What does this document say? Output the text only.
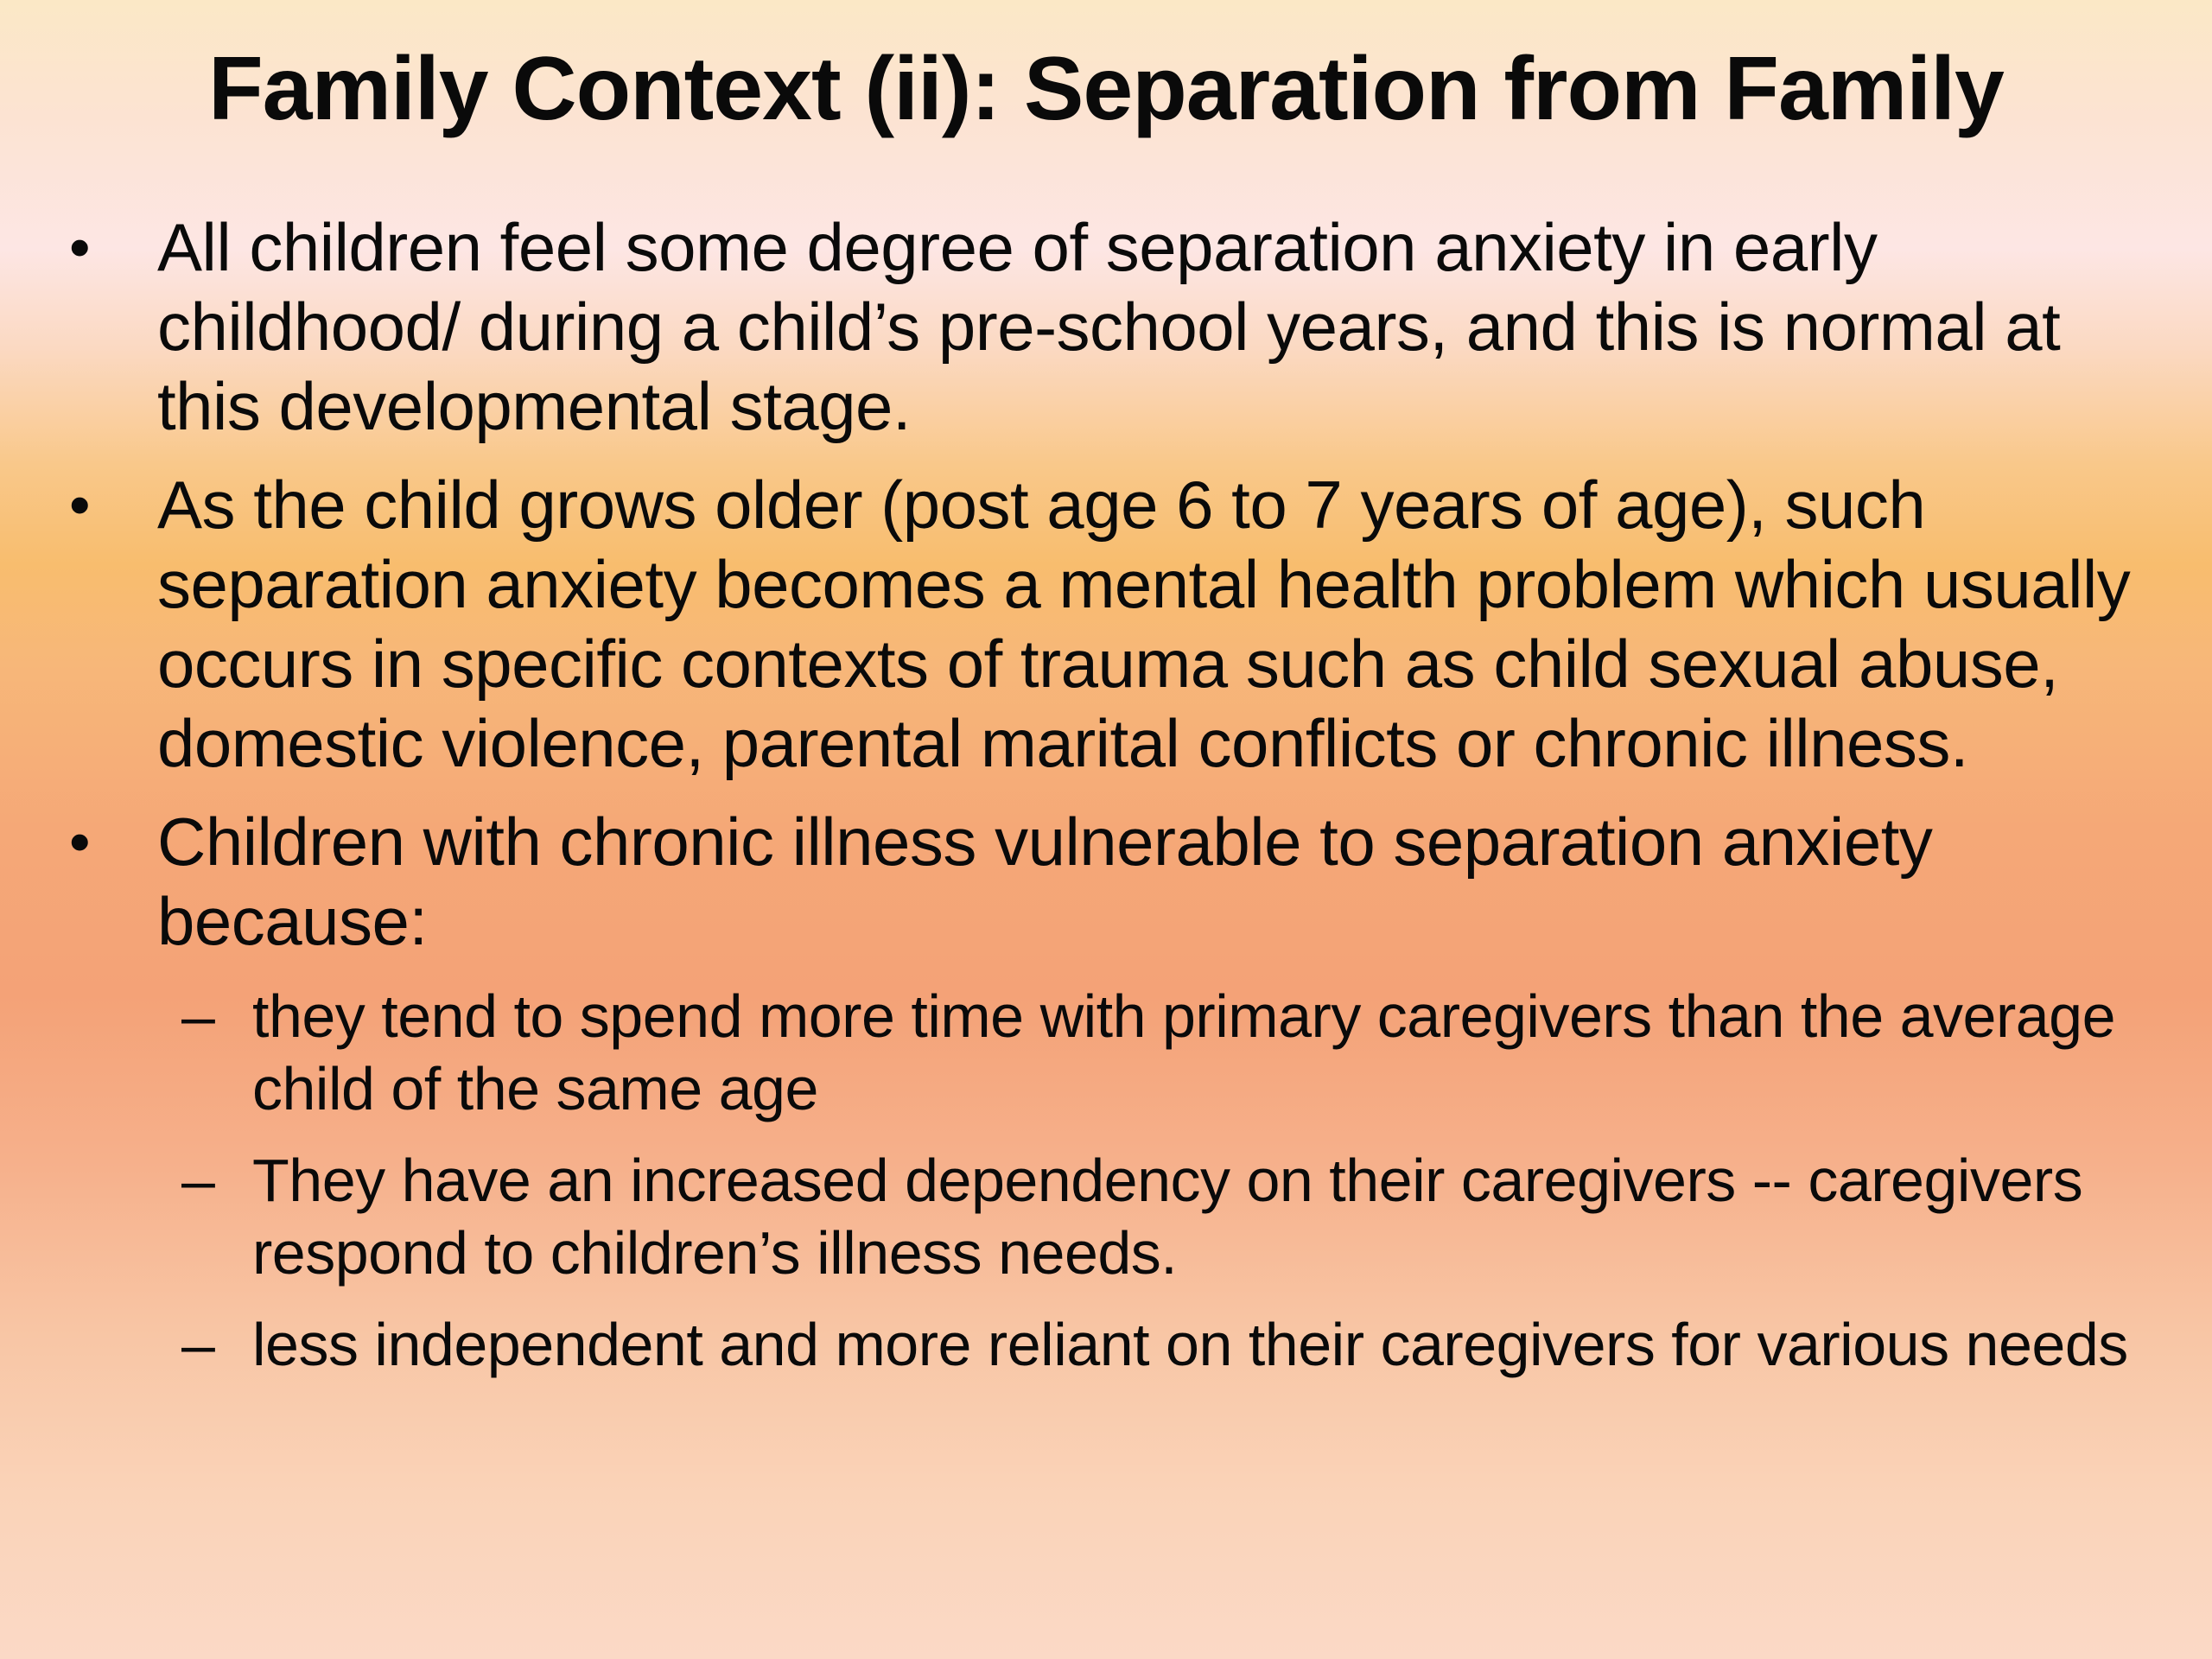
Family Context (ii): Separation from Family
• All children feel some degree of separation anxiety in early childhood/ during a child’s pre-school years, and this is normal at this developmental stage.
• As the child grows older (post age 6 to 7 years of age), such separation anxiety becomes a mental health problem which usually occurs in specific contexts of trauma such as child sexual abuse, domestic violence, parental marital conflicts or chronic illness.
• Children with chronic illness vulnerable to separation anxiety because:
– they tend to spend more time with primary caregivers than the average child of the same age
– They have an increased dependency on their caregivers -- caregivers respond to children’s illness needs.
– less independent and more reliant on their caregivers for various needs
